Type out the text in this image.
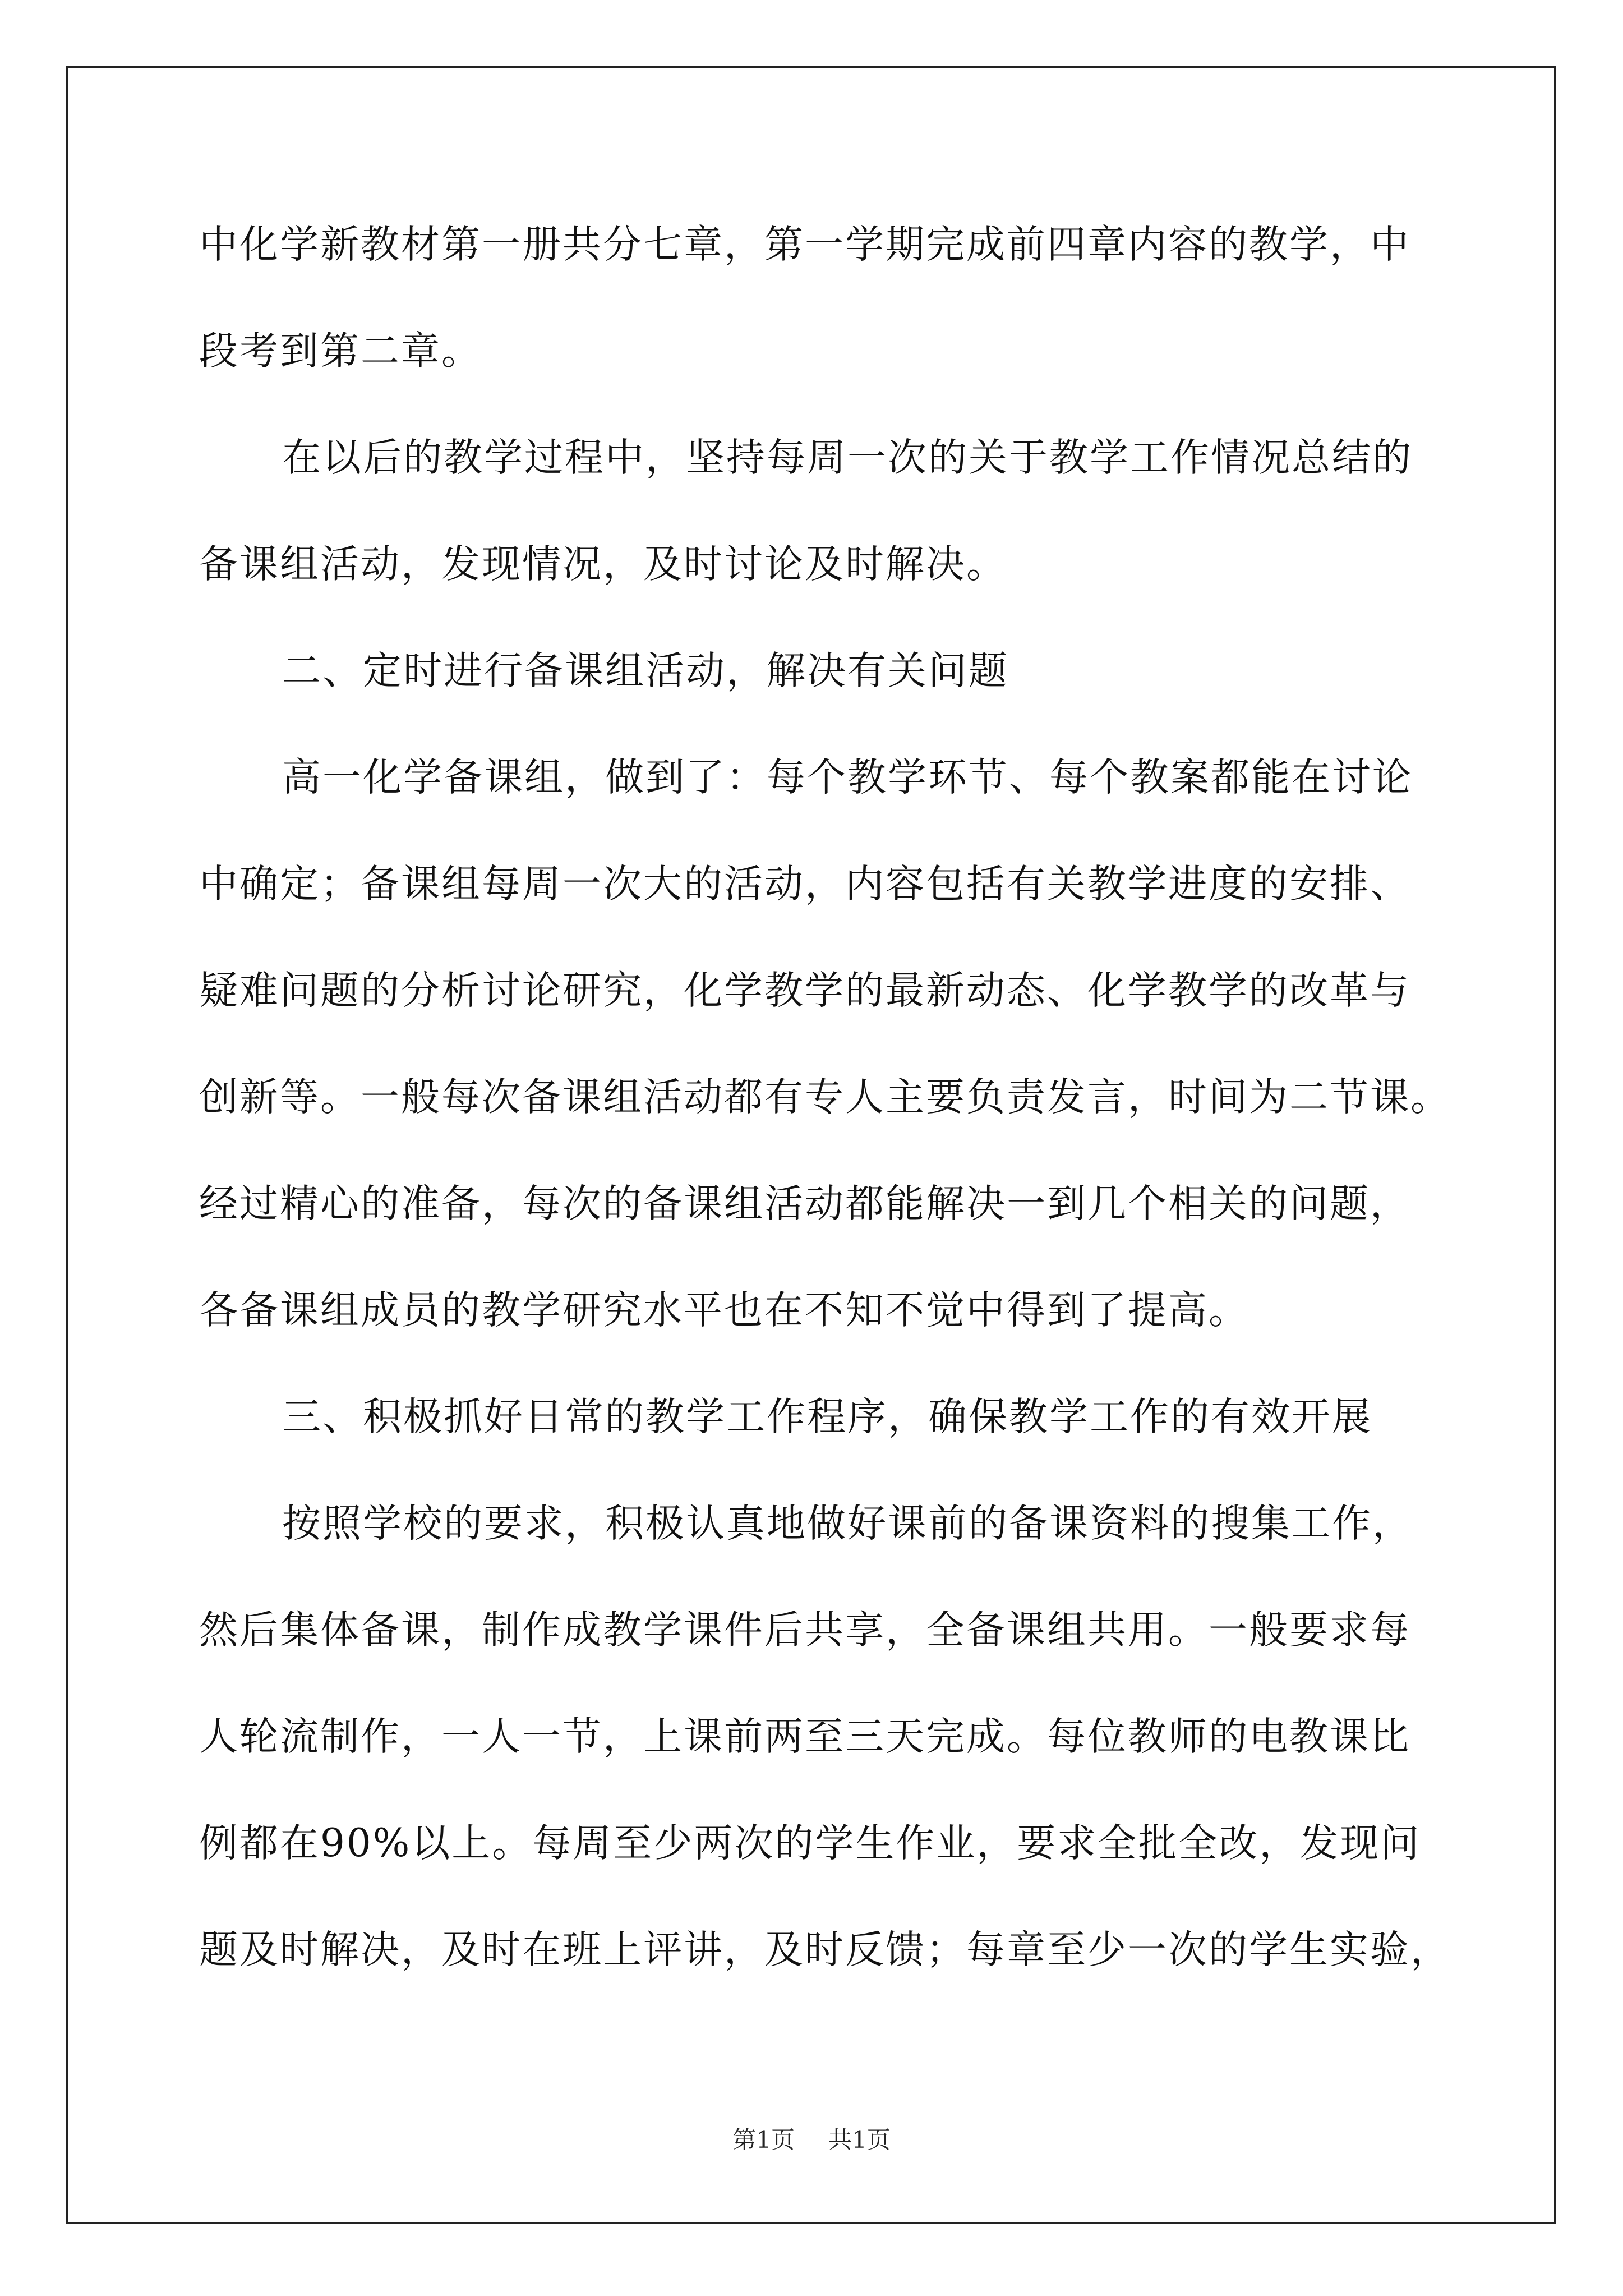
中化学新教材第一册共分七章，第一学期完成前四章内容的教学，中
段考到第二章。
在以后的教学过程中，坚持每周一次的关于教学工作情况总结的
备课组活动，发现情况，及时讨论及时解决。
二、定时进行备课组活动，解决有关问题
高一化学备课组，做到了：每个教学环节、每个教案都能在讨论
中确定；备课组每周一次大的活动，内容包括有关教学进度的安排、
疑难问题的分析讨论研究，化学教学的最新动态、化学教学的改革与
创新等。一般每次备课组活动都有专人主要负责发言，时间为二节课。
经过精心的准备，每次的备课组活动都能解决一到几个相关的问题，
各备课组成员的教学研究水平也在不知不觉中得到了提高。
三、积极抓好日常的教学工作程序，确保教学工作的有效开展
按照学校的要求，积极认真地做好课前的备课资料的搜集工作，
然后集体备课，制作成教学课件后共享，全备课组共用。一般要求每
人轮流制作，一人一节，上课前两至三天完成。每位教师的电教课比
例都在90%以上。每周至少两次的学生作业，要求全批全改，发现问
题及时解决，及时在班上评讲，及时反馈；每章至少一次的学生实验，
第1页 共1页
